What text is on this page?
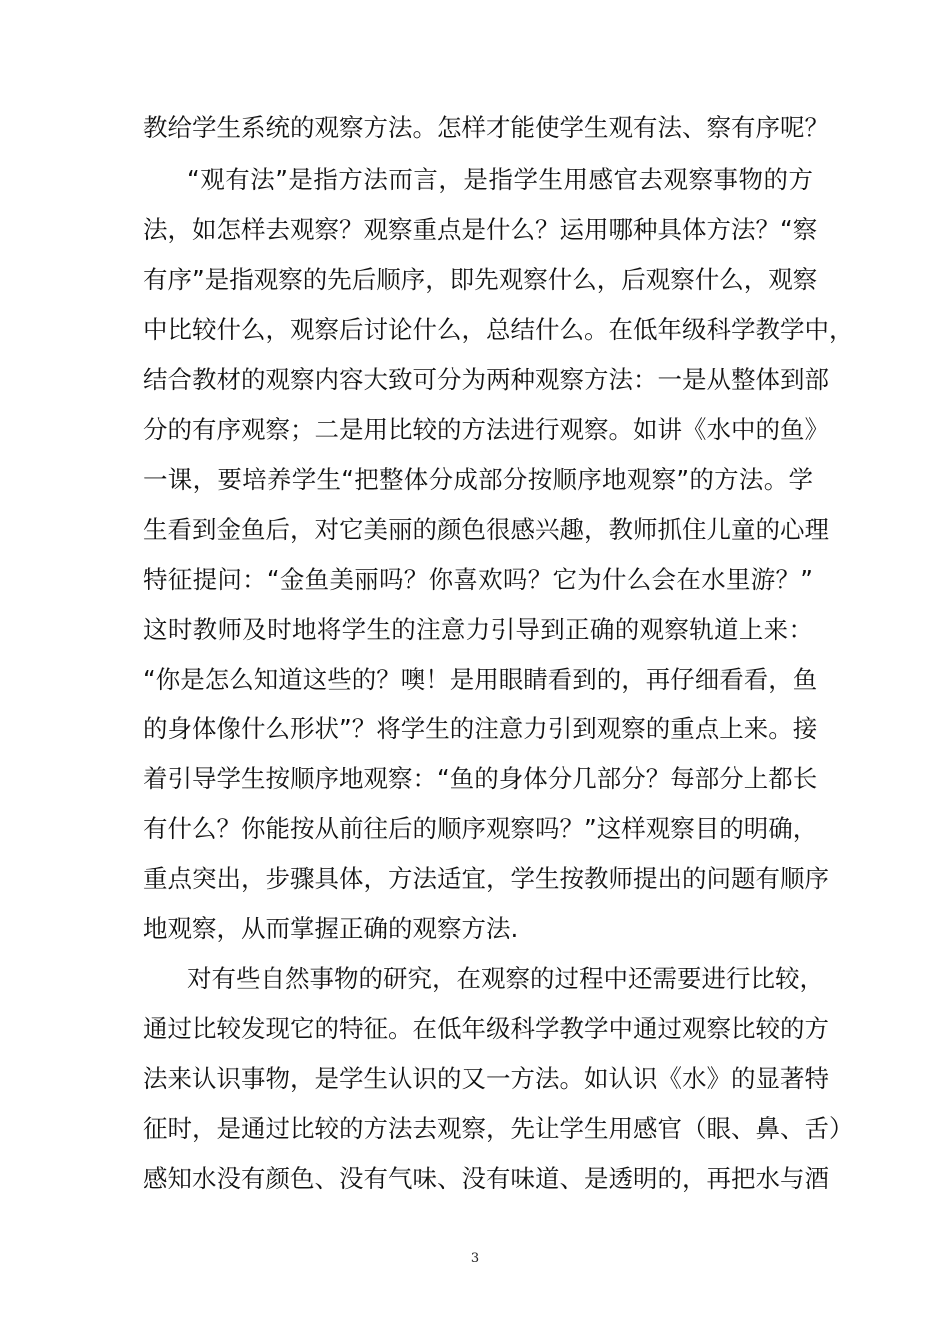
教给学生系统的观察方法。怎样才能使学生观有法、察有序呢？
“观有法”是指方法而言，是指学生用感官去观察事物的方
法，如怎样去观察？观察重点是什么？运用哪种具体方法？“察
有序”是指观察的先后顺序，即先观察什么，后观察什么，观察
中比较什么，观察后讨论什么，总结什么。在低年级科学教学中，
结合教材的观察内容大致可分为两种观察方法：一是从整体到部
分的有序观察；二是用比较的方法进行观察。如讲《水中的鱼》
一课，要培养学生“把整体分成部分按顺序地观察”的方法。学
生看到金鱼后，对它美丽的颜色很感兴趣，教师抓住儿童的心理
特征提问：“金鱼美丽吗？你喜欢吗？它为什么会在水里游？”
这时教师及时地将学生的注意力引导到正确的观察轨道上来：
“你是怎么知道这些的？噢！是用眼睛看到的，再仔细看看，鱼
的身体像什么形状”？将学生的注意力引到观察的重点上来。接
着引导学生按顺序地观察：“鱼的身体分几部分？每部分上都长
有什么？你能按从前往后的顺序观察吗？”这样观察目的明确，
重点突出，步骤具体，方法适宜，学生按教师提出的问题有顺序
地观察，从而掌握正确的观察方法.
对有些自然事物的研究，在观察的过程中还需要进行比较，
通过比较发现它的特征。在低年级科学教学中通过观察比较的方
法来认识事物，是学生认识的又一方法。如认识《水》的显著特
征时，是通过比较的方法去观察，先让学生用感官（眼、鼻、舌）
感知水没有颜色、没有气味、没有味道、是透明的，再把水与酒
3
